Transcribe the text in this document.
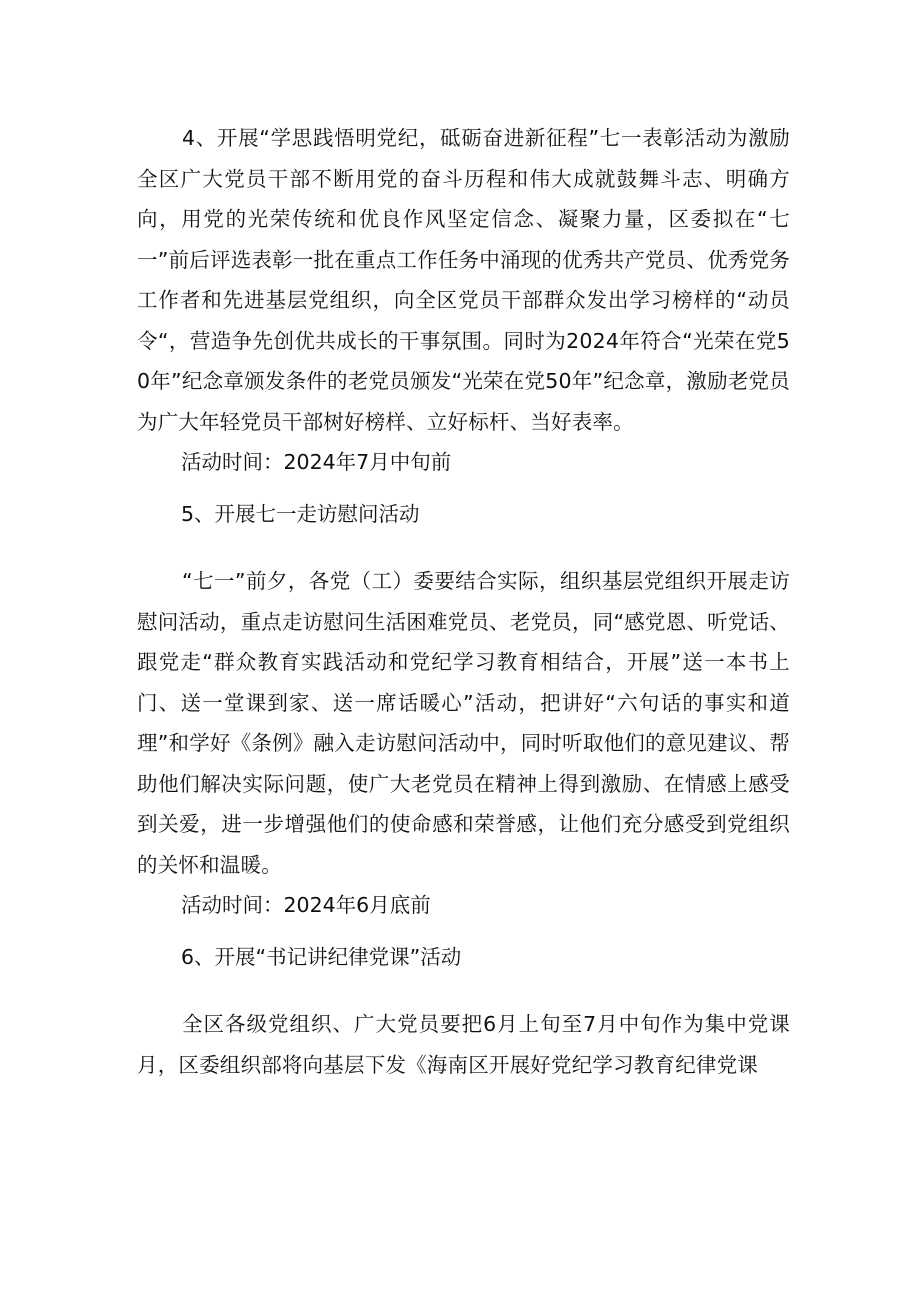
4、开展“学思践悟明党纪，砥砺奋进新征程”七一表彰活动为激励全区广大党员干部不断用党的奋斗历程和伟大成就鼓舞斗志、明确方向，用党的光荣传统和优良作风坚定信念、凝聚力量，区委拟在“七一”前后评选表彰一批在重点工作任务中涌现的优秀共产党员、优秀党务工作者和先进基层党组织，向全区党员干部群众发出学习榜样的“动员令“，营造争先创优共成长的干事氛围。同时为2024年符合“光荣在党50年”纪念章颁发条件的老党员颁发“光荣在党50年”纪念章，激励老党员为广大年轻党员干部树好榜样、立好标杆、当好表率。

活动时间：2024年7月中旬前

5、开展七一走访慰问活动

“七一”前夕，各党（工）委要结合实际，组织基层党组织开展走访慰问活动，重点走访慰问生活困难党员、老党员，同“感党恩、听党话、跟党走“群众教育实践活动和党纪学习教育相结合，开展”送一本书上门、送一堂课到家、送一席话暖心”活动，把讲好“六句话的事实和道理”和学好《条例》融入走访慰问活动中，同时听取他们的意见建议、帮助他们解决实际问题，使广大老党员在精神上得到激励、在情感上感受到关爱，进一步增强他们的使命感和荣誉感，让他们充分感受到党组织的关怀和温暖。

活动时间：2024年6月底前

6、开展“书记讲纪律党课”活动

全区各级党组织、广大党员要把6月上旬至7月中旬作为集中党课月，区委组织部将向基层下发《海南区开展好党纪学习教育纪律党课
